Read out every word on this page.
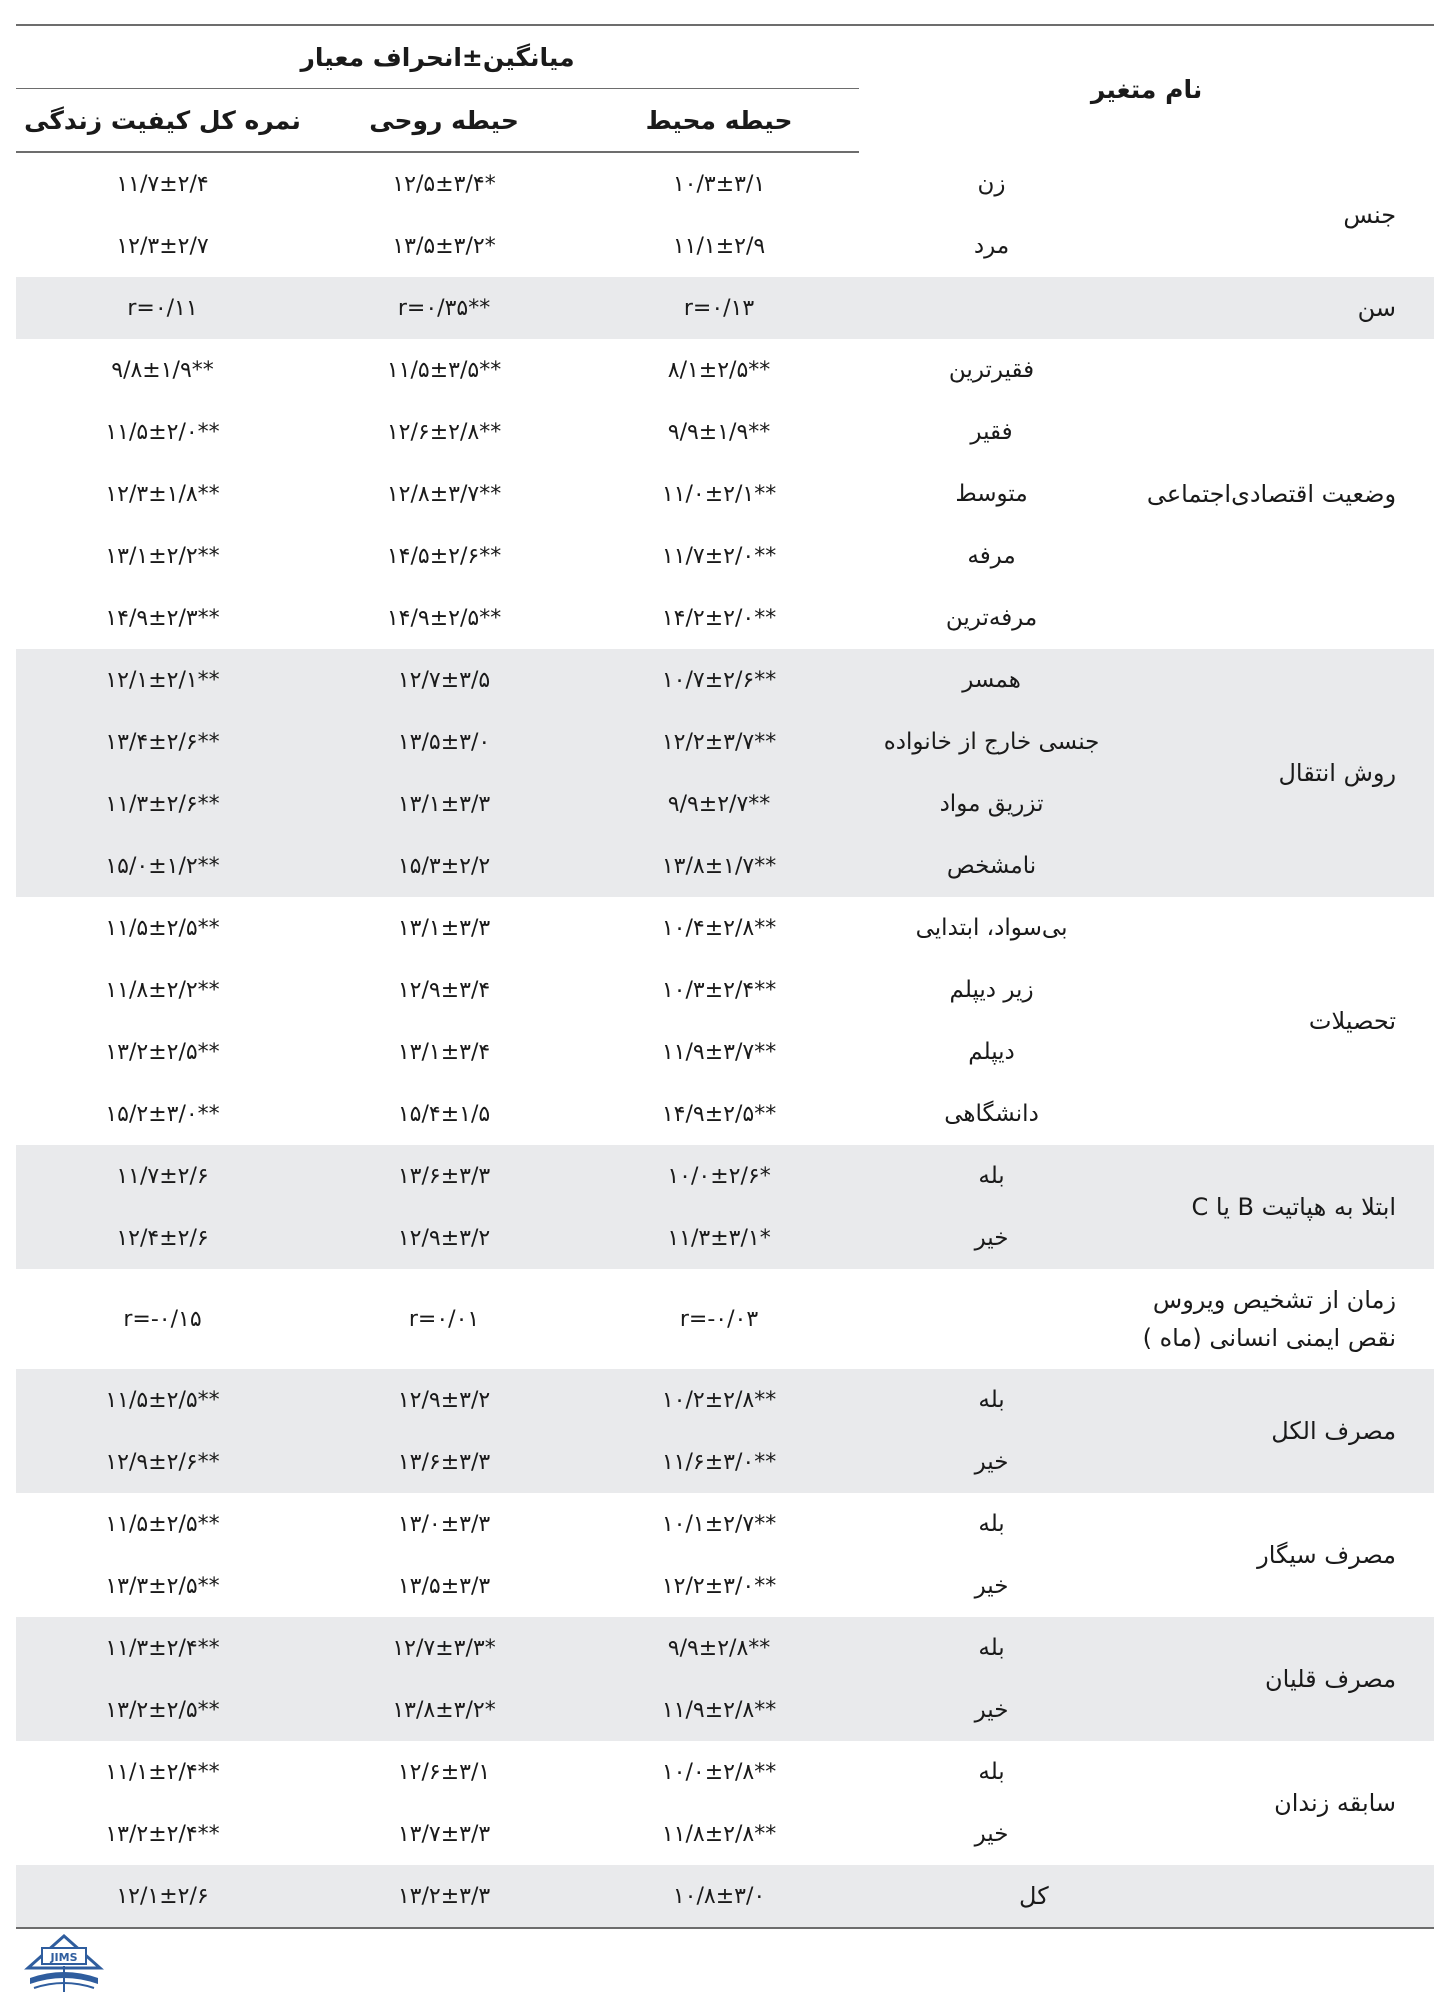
نام متغیر		میانگین±انحراف معیار		
		حیطه محیط	حیطه روحی	نمره کل کیفیت زندگی
جنس	زن	۱۰/۳±۳/۱	۱۲/۵±۳/۴*	۱۱/۷±۲/۴
	مرد	۱۱/۱±۲/۹	۱۳/۵±۳/۲*	۱۲/۳±۲/۷
سن		r=۰/۱۳	r=۰/۳۵**	r=۰/۱۱
وضعیت اقتصادی‌اجتماعی	فقیرترین	۸/۱±۲/۵**	۱۱/۵±۳/۵**	۹/۸±۱/۹**
	فقیر	۹/۹±۱/۹**	۱۲/۶±۲/۸**	۱۱/۵±۲/۰**
	متوسط	۱۱/۰±۲/۱**	۱۲/۸±۳/۷**	۱۲/۳±۱/۸**
	مرفه	۱۱/۷±۲/۰**	۱۴/۵±۲/۶**	۱۳/۱±۲/۲**
	مرفه‌ترین	۱۴/۲±۲/۰**	۱۴/۹±۲/۵**	۱۴/۹±۲/۳**
روش انتقال	همسر	۱۰/۷±۲/۶**	۱۲/۷±۳/۵	۱۲/۱±۲/۱**
	جنسی خارج از خانواده	۱۲/۲±۳/۷**	۱۳/۵±۳/۰	۱۳/۴±۲/۶**
	تزریق مواد	۹/۹±۲/۷**	۱۳/۱±۳/۳	۱۱/۳±۲/۶**
	نامشخص	۱۳/۸±۱/۷**	۱۵/۳±۲/۲	۱۵/۰±۱/۲**
تحصیلات	بی‌سواد، ابتدایی	۱۰/۴±۲/۸**	۱۳/۱±۳/۳	۱۱/۵±۲/۵**
	زیر دیپلم	۱۰/۳±۲/۴**	۱۲/۹±۳/۴	۱۱/۸±۲/۲**
	دیپلم	۱۱/۹±۳/۷**	۱۳/۱±۳/۴	۱۳/۲±۲/۵**
	دانشگاهی	۱۴/۹±۲/۵**	۱۵/۴±۱/۵	۱۵/۲±۳/۰**
ابتلا به هپاتیت B یا C	بله	۱۰/۰±۲/۶*	۱۳/۶±۳/۳	۱۱/۷±۲/۶
	خیر	۱۱/۳±۳/۱*	۱۲/۹±۳/۲	۱۲/۴±۲/۶
زمان از تشخیص ویروس نقص ایمنی انسانی (ماه )		r=-۰/۰۳	r=۰/۰۱	r=-۰/۱۵
مصرف الکل	بله	۱۰/۲±۲/۸**	۱۲/۹±۳/۲	۱۱/۵±۲/۵**
	خیر	۱۱/۶±۳/۰**	۱۳/۶±۳/۳	۱۲/۹±۲/۶**
مصرف سیگار	بله	۱۰/۱±۲/۷**	۱۳/۰±۳/۳	۱۱/۵±۲/۵**
	خیر	۱۲/۲±۳/۰**	۱۳/۵±۳/۳	۱۳/۳±۲/۵**
مصرف قلیان	بله	۹/۹±۲/۸**	۱۲/۷±۳/۳*	۱۱/۳±۲/۴**
	خیر	۱۱/۹±۲/۸**	۱۳/۸±۳/۲*	۱۳/۲±۲/۵**
سابقه زندان	بله	۱۰/۰±۲/۸**	۱۲/۶±۳/۱	۱۱/۱±۲/۴**
	خیر	۱۱/۸±۲/۸**	۱۳/۷±۳/۳	۱۳/۲±۲/۴**
کل		۱۰/۸±۳/۰	۱۳/۲±۳/۳	۱۲/۱±۲/۶
JIMS
